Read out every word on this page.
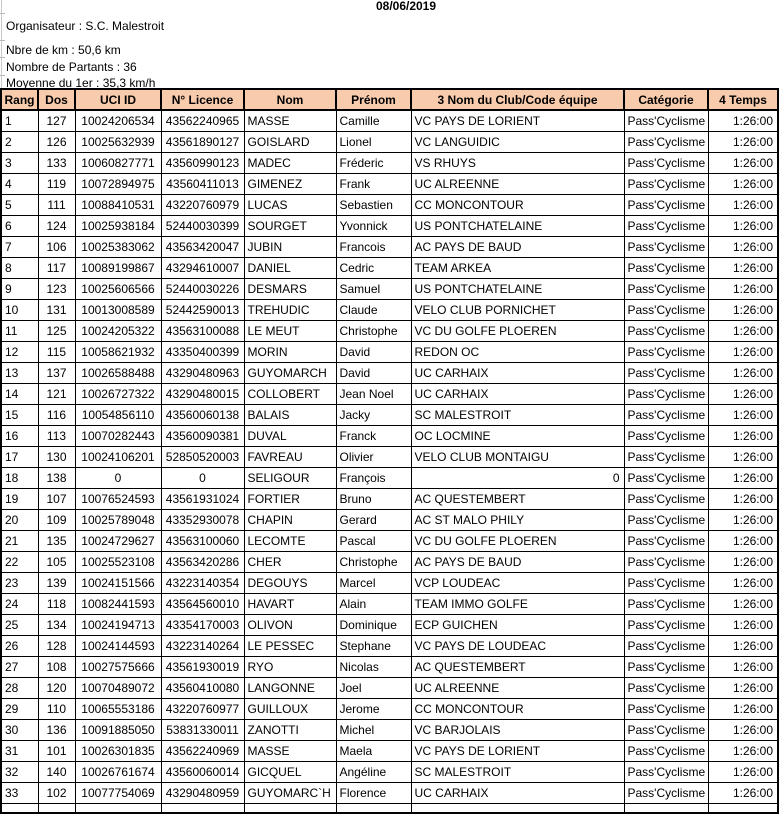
08/06/2019
Organisateur : S.C. Malestroit
Nbre de km : 50,6 km
Nombre de Partants : 36
Moyenne du 1er : 35,3 km/h
Rang	Dos	UCI ID	N° Licence	Nom	Prénom	3 Nom du Club/Code équipe	Catégorie	4 Temps
1	127	10024206534	43562240965	MASSE	Camille	VC PAYS DE LORIENT	Pass'Cyclisme	1:26:00
2	126	10025632939	43561890127	GOISLARD	Lionel	VC LANGUIDIC	Pass'Cyclisme	1:26:00
3	133	10060827771	43560990123	MADEC	Fréderic	VS RHUYS	Pass'Cyclisme	1:26:00
4	119	10072894975	43560411013	GIMENEZ	Frank	UC ALREENNE	Pass'Cyclisme	1:26:00
5	111	10088410531	43220760979	LUCAS	Sebastien	CC MONCONTOUR	Pass'Cyclisme	1:26:00
6	124	10025938184	52440030399	SOURGET	Yvonnick	US PONTCHATELAINE	Pass'Cyclisme	1:26:00
7	106	10025383062	43563420047	JUBIN	Francois	AC PAYS DE BAUD	Pass'Cyclisme	1:26:00
8	117	10089199867	43294610007	DANIEL	Cedric	TEAM ARKEA	Pass'Cyclisme	1:26:00
9	123	10025606566	52440030226	DESMARS	Samuel	US PONTCHATELAINE	Pass'Cyclisme	1:26:00
10	131	10013008589	52442590013	TREHUDIC	Claude	VELO CLUB PORNICHET	Pass'Cyclisme	1:26:00
11	125	10024205322	43563100088	LE MEUT	Christophe	VC DU GOLFE PLOEREN	Pass'Cyclisme	1:26:00
12	115	10058621932	43350400399	MORIN	David	REDON OC	Pass'Cyclisme	1:26:00
13	137	10026588488	43290480963	GUYOMARCH	David	UC CARHAIX	Pass'Cyclisme	1:26:00
14	121	10026727322	43290480015	COLLOBERT	Jean Noel	UC CARHAIX	Pass'Cyclisme	1:26:00
15	116	10054856110	43560060138	BALAIS	Jacky	SC MALESTROIT	Pass'Cyclisme	1:26:00
16	113	10070282443	43560090381	DUVAL	Franck	OC LOCMINE	Pass'Cyclisme	1:26:00
17	130	10024106201	52850520003	FAVREAU	Olivier	VELO CLUB MONTAIGU	Pass'Cyclisme	1:26:00
18	138	0	0	SELIGOUR	François	0	Pass'Cyclisme	1:26:00
19	107	10076524593	43561931024	FORTIER	Bruno	AC QUESTEMBERT	Pass'Cyclisme	1:26:00
20	109	10025789048	43352930078	CHAPIN	Gerard	AC ST MALO PHILY	Pass'Cyclisme	1:26:00
21	135	10024729627	43563100060	LECOMTE	Pascal	VC DU GOLFE PLOEREN	Pass'Cyclisme	1:26:00
22	105	10025523108	43563420286	CHER	Christophe	AC PAYS DE BAUD	Pass'Cyclisme	1:26:00
23	139	10024151566	43223140354	DEGOUYS	Marcel	VCP LOUDEAC	Pass'Cyclisme	1:26:00
24	118	10082441593	43564560010	HAVART	Alain	TEAM IMMO GOLFE	Pass'Cyclisme	1:26:00
25	134	10024194713	43354170003	OLIVON	Dominique	ECP GUICHEN	Pass'Cyclisme	1:26:00
26	128	10024144593	43223140264	LE PESSEC	Stephane	VC PAYS DE LOUDEAC	Pass'Cyclisme	1:26:00
27	108	10027575666	43561930019	RYO	Nicolas	AC QUESTEMBERT	Pass'Cyclisme	1:26:00
28	120	10070489072	43560410080	LANGONNE	Joel	UC ALREENNE	Pass'Cyclisme	1:26:00
29	110	10065553186	43220760977	GUILLOUX	Jerome	CC MONCONTOUR	Pass'Cyclisme	1:26:00
30	136	10091885050	53831330011	ZANOTTI	Michel	VC BARJOLAIS	Pass'Cyclisme	1:26:00
31	101	10026301835	43562240969	MASSE	Maela	VC PAYS DE LORIENT	Pass'Cyclisme	1:26:00
32	140	10026761674	43560060014	GICQUEL	Angéline	SC MALESTROIT	Pass'Cyclisme	1:26:00
33	102	10077754069	43290480959	GUYOMARC`H	Florence	UC CARHAIX	Pass'Cyclisme	1:26:00
